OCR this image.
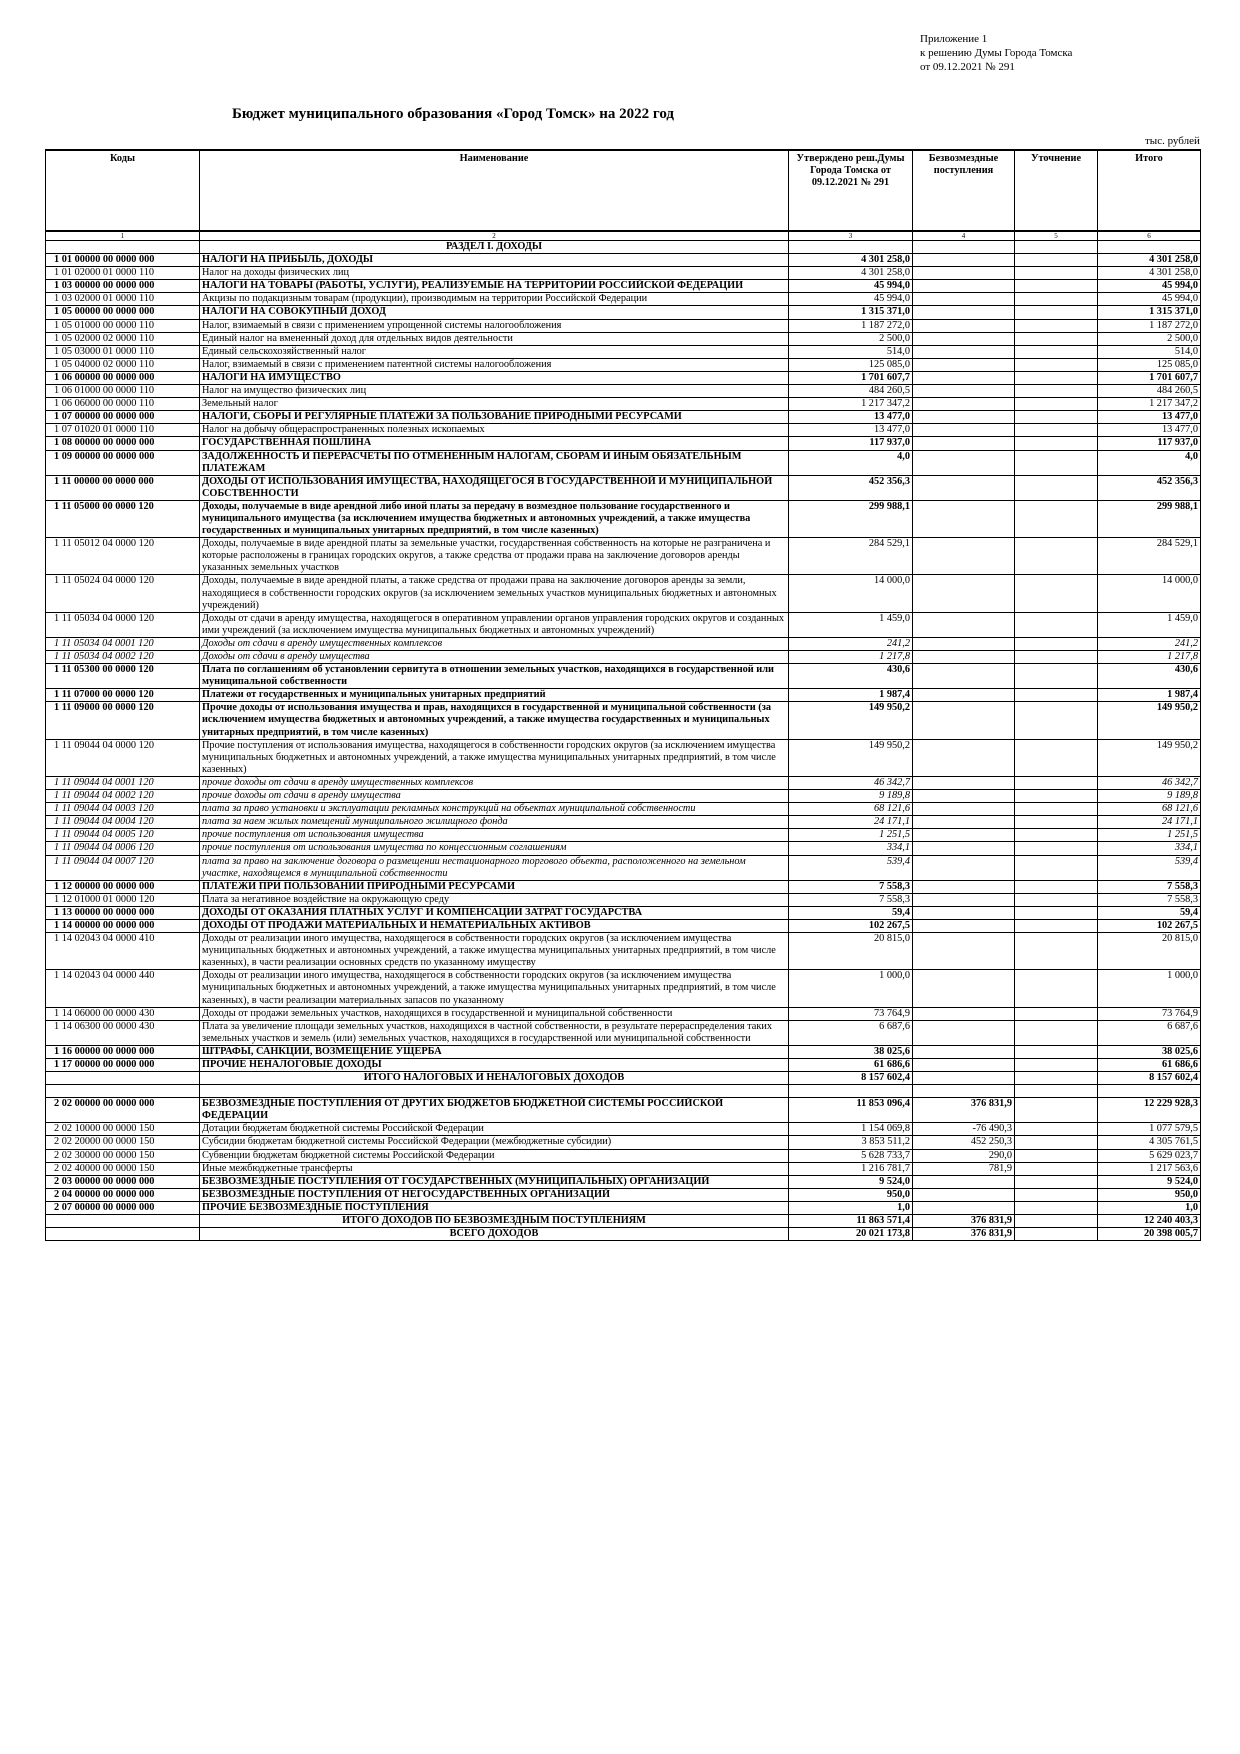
Приложение 1
к решению Думы Города Томска
от 09.12.2021 № 291
Бюджет муниципального образования «Город Томск» на 2022 год
тыс. рублей
Коды	Наименование	Утверждено реш.Думы Города Томска от 09.12.2021 № 291	Безвозмездные поступления	Уточнение	Итого
1	2	3	4	5	6
	РАЗДЕЛ I. ДОХОДЫ				
1 01 00000 00 0000 000	НАЛОГИ НА ПРИБЫЛЬ, ДОХОДЫ	4 301 258,0			4 301 258,0
1 01 02000 01 0000 110	Налог на доходы физических лиц	4 301 258,0			4 301 258,0
1 03 00000 00 0000 000	НАЛОГИ НА ТОВАРЫ (РАБОТЫ, УСЛУГИ), РЕАЛИЗУЕМЫЕ НА ТЕРРИТОРИИ РОССИЙСКОЙ ФЕДЕРАЦИИ	45 994,0			45 994,0
1 03 02000 01 0000 110	Акцизы по подакцизным товарам (продукции), производимым на территории Российской Федерации	45 994,0			45 994,0
1 05 00000 00 0000 000	НАЛОГИ НА СОВОКУПНЫЙ ДОХОД	1 315 371,0			1 315 371,0
1 05 01000 00 0000 110	Налог, взимаемый в связи с применением упрощенной системы налогообложения	1 187 272,0			1 187 272,0
1 05 02000 02 0000 110	Единый налог на вмененный доход для отдельных видов деятельности	2 500,0			2 500,0
1 05 03000 01 0000 110	Единый сельскохозяйственный налог	514,0			514,0
1 05 04000 02 0000 110	Налог, взимаемый в связи с применением патентной системы налогообложения	125 085,0			125 085,0
1 06 00000 00 0000 000	НАЛОГИ НА ИМУЩЕСТВО	1 701 607,7			1 701 607,7
1 06 01000 00 0000 110	Налог на имущество физических лиц	484 260,5			484 260,5
1 06 06000 00 0000 110	Земельный налог	1 217 347,2			1 217 347,2
1 07 00000 00 0000 000	НАЛОГИ, СБОРЫ И РЕГУЛЯРНЫЕ ПЛАТЕЖИ ЗА ПОЛЬЗОВАНИЕ ПРИРОДНЫМИ РЕСУРСАМИ	13 477,0			13 477,0
1 07 01020 01 0000 110	Налог на добычу общераспространенных полезных ископаемых	13 477,0			13 477,0
1 08 00000 00 0000 000	ГОСУДАРСТВЕННАЯ ПОШЛИНА	117 937,0			117 937,0
1 09 00000 00 0000 000	ЗАДОЛЖЕННОСТЬ И ПЕРЕРАСЧЕТЫ ПО ОТМЕНЕННЫМ НАЛОГАМ, СБОРАМ И ИНЫМ ОБЯЗАТЕЛЬНЫМ ПЛАТЕЖАМ	4,0			4,0
1 11 00000 00 0000 000	ДОХОДЫ ОТ ИСПОЛЬЗОВАНИЯ ИМУЩЕСТВА, НАХОДЯЩЕГОСЯ В ГОСУДАРСТВЕННОЙ И МУНИЦИПАЛЬНОЙ СОБСТВЕННОСТИ	452 356,3			452 356,3
1 11 05000 00 0000 120	Доходы, получаемые в виде арендной либо иной платы за передачу в возмездное пользование государственного и муниципального имущества (за исключением имущества бюджетных и автономных учреждений, а также имущества государственных и муниципальных унитарных предприятий, в том числе казенных)	299 988,1			299 988,1
1 11 05012 04 0000 120	Доходы, получаемые в виде арендной платы за земельные участки, государственная собственность на которые не разграничена и которые расположены в границах городских округов, а также средства от продажи права на заключение договоров аренды указанных земельных участков	284 529,1			284 529,1
1 11 05024 04 0000 120	Доходы, получаемые в виде арендной платы, а также средства от продажи права на заключение договоров аренды за земли, находящиеся в собственности городских округов (за исключением земельных участков муниципальных бюджетных и автономных учреждений)	14 000,0			14 000,0
1 11 05034 04 0000 120	Доходы от сдачи в аренду имущества, находящегося в оперативном управлении органов управления городских округов и созданных ими учреждений (за исключением имущества муниципальных бюджетных и автономных учреждений)	1 459,0			1 459,0
1 11 05034 04 0001 120	Доходы от сдачи в аренду имущественных комплексов	241,2			241,2
1 11 05034 04 0002 120	Доходы от сдачи в аренду имущества	1 217,8			1 217,8
1 11 05300 00 0000 120	Плата по соглашениям об установлении сервитута в отношении земельных участков, находящихся в государственной или муниципальной собственности	430,6			430,6
1 11 07000 00 0000 120	Платежи от государственных и муниципальных унитарных предприятий	1 987,4			1 987,4
1 11 09000 00 0000 120	Прочие доходы от использования имущества и прав, находящихся в государственной и муниципальной собственности (за исключением имущества бюджетных и автономных учреждений, а также имущества государственных и муниципальных унитарных предприятий, в том числе казенных)	149 950,2			149 950,2
1 11 09044 04 0000 120	Прочие поступления от использования имущества, находящегося в собственности городских округов (за исключением имущества муниципальных бюджетных и автономных учреждений, а также имущества муниципальных унитарных предприятий, в том числе казенных)	149 950,2			149 950,2
1 11 09044 04 0001 120	прочие доходы от сдачи в аренду имущественных комплексов	46 342,7			46 342,7
1 11 09044 04 0002 120	прочие доходы от сдачи в аренду имущества	9 189,8			9 189,8
1 11 09044 04 0003 120	плата за право установки и эксплуатации рекламных конструкций на объектах муниципальной собственности	68 121,6			68 121,6
1 11 09044 04 0004 120	плата за наем жилых помещений муниципального жилищного фонда	24 171,1			24 171,1
1 11 09044 04 0005 120	прочие поступления от использования имущества	1 251,5			1 251,5
1 11 09044 04 0006 120	прочие поступления от использования имущества по концессионным соглашениям	334,1			334,1
1 11 09044 04 0007 120	плата за право на заключение договора о размещении нестационарного торгового объекта, расположенного на земельном участке, находящемся в муниципальной собственности	539,4			539,4
1 12 00000 00 0000 000	ПЛАТЕЖИ ПРИ ПОЛЬЗОВАНИИ ПРИРОДНЫМИ РЕСУРСАМИ	7 558,3			7 558,3
1 12 01000 01 0000 120	Плата за негативное воздействие на окружающую среду	7 558,3			7 558,3
1 13 00000 00 0000 000	ДОХОДЫ ОТ ОКАЗАНИЯ ПЛАТНЫХ УСЛУГ И КОМПЕНСАЦИИ ЗАТРАТ ГОСУДАРСТВА	59,4			59,4
1 14 00000 00 0000 000	ДОХОДЫ ОТ ПРОДАЖИ МАТЕРИАЛЬНЫХ И НЕМАТЕРИАЛЬНЫХ АКТИВОВ	102 267,5			102 267,5
1 14 02043 04 0000 410	Доходы от реализации иного имущества, находящегося в собственности городских округов (за исключением имущества муниципальных бюджетных и автономных учреждений, а также имущества муниципальных унитарных предприятий, в том числе казенных), в части реализации основных средств по указанному имуществу	20 815,0			20 815,0
1 14 02043 04 0000 440	Доходы от реализации иного имущества, находящегося в собственности городских округов (за исключением имущества муниципальных бюджетных и автономных учреждений, а также имущества муниципальных унитарных предприятий, в том числе казенных), в части реализации материальных запасов по указанному	1 000,0			1 000,0
1 14 06000 00 0000 430	Доходы от продажи земельных участков, находящихся в государственной и муниципальной собственности	73 764,9			73 764,9
1 14 06300 00 0000 430	Плата за увеличение площади земельных участков, находящихся в частной собственности, в результате перераспределения таких земельных участков и земель (или) земельных участков, находящихся в государственной или муниципальной собственности	6 687,6			6 687,6
1 16 00000 00 0000 000	ШТРАФЫ, САНКЦИИ, ВОЗМЕЩЕНИЕ УЩЕРБА	38 025,6			38 025,6
1 17 00000 00 0000 000	ПРОЧИЕ НЕНАЛОГОВЫЕ ДОХОДЫ	61 686,6			61 686,6
	ИТОГО НАЛОГОВЫХ И НЕНАЛОГОВЫХ ДОХОДОВ	8 157 602,4			8 157 602,4

2 02 00000 00 0000 000	БЕЗВОЗМЕЗДНЫЕ ПОСТУПЛЕНИЯ ОТ ДРУГИХ БЮДЖЕТОВ БЮДЖЕТНОЙ СИСТЕМЫ РОССИЙСКОЙ ФЕДЕРАЦИИ	11 853 096,4	376 831,9		12 229 928,3
2 02 10000 00 0000 150	Дотации бюджетам бюджетной системы Российской Федерации	1 154 069,8	-76 490,3		1 077 579,5
2 02 20000 00 0000 150	Субсидии бюджетам бюджетной системы Российской Федерации (межбюджетные субсидии)	3 853 511,2	452 250,3		4 305 761,5
2 02 30000 00 0000 150	Субвенции бюджетам бюджетной системы Российской Федерации	5 628 733,7	290,0		5 629 023,7
2 02 40000 00 0000 150	Иные межбюджетные трансферты	1 216 781,7	781,9		1 217 563,6
2 03 00000 00 0000 000	БЕЗВОЗМЕЗДНЫЕ ПОСТУПЛЕНИЯ ОТ ГОСУДАРСТВЕННЫХ (МУНИЦИПАЛЬНЫХ) ОРГАНИЗАЦИЙ	9 524,0			9 524,0
2 04 00000 00 0000 000	БЕЗВОЗМЕЗДНЫЕ ПОСТУПЛЕНИЯ ОТ НЕГОСУДАРСТВЕННЫХ ОРГАНИЗАЦИЙ	950,0			950,0
2 07 00000 00 0000 000	ПРОЧИЕ БЕЗВОЗМЕЗДНЫЕ ПОСТУПЛЕНИЯ	1,0			1,0
	ИТОГО ДОХОДОВ ПО БЕЗВОЗМЕЗДНЫМ ПОСТУПЛЕНИЯМ	11 863 571,4	376 831,9		12 240 403,3
	ВСЕГО ДОХОДОВ	20 021 173,8	376 831,9		20 398 005,7
